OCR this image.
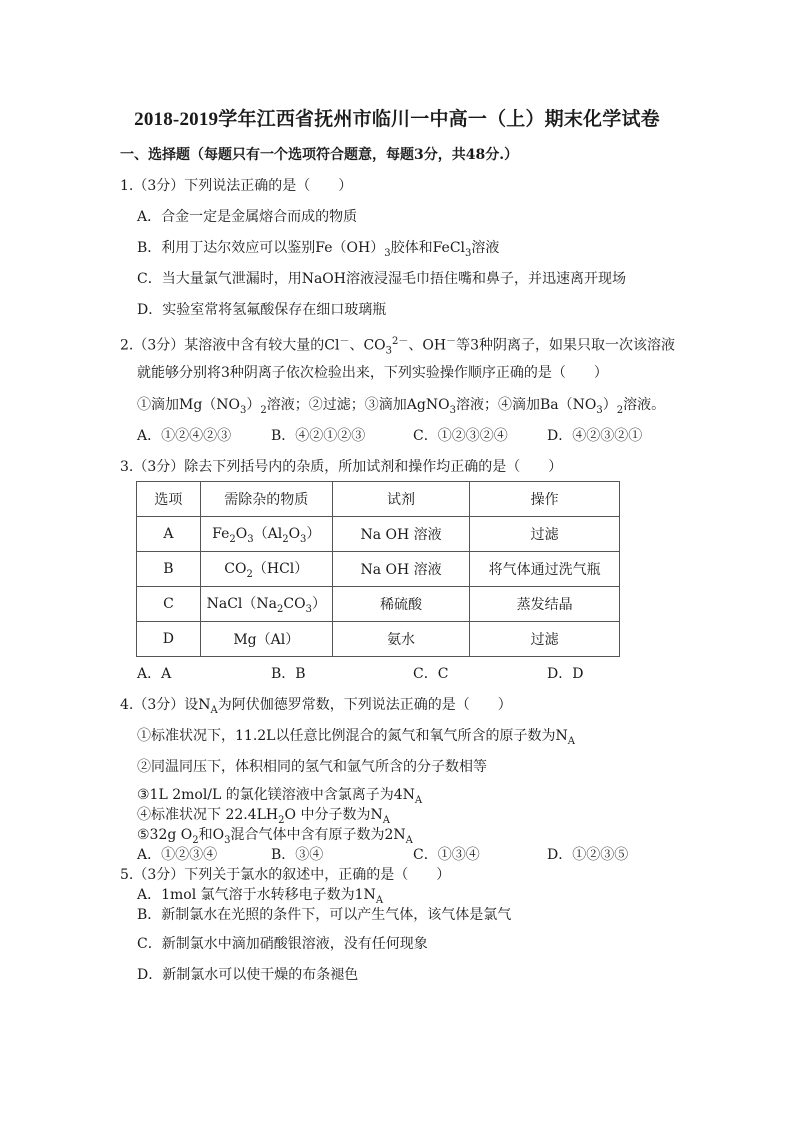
2018-2019学年江西省抚州市临川一中高一（上）期末化学试卷
一、选择题（每题只有一个选项符合题意，每题3分，共48分.）
1.（3分）下列说法正确的是（　　）
A．合金一定是金属熔合而成的物质
B．利用丁达尔效应可以鉴别$Fe(OH)_3$胶体和FeCl$_3$溶液
C．当大量氯气泄漏时，用NaOH溶液浸湿毛巾捂住嘴和鼻子，并迅速离开现场
D．实验室常将氢氟酸保存在细口玻璃瓶
2.（3分）某溶液中含有较大量的Cl－、$CO_3^{2-}$、OH－等3种阴离子，如果只取一次该溶液
就能够分别将3种阴离子依次检验出来，下列实验操作顺序正确的是（　　）
①滴加$Mg(NO_3)_2$溶液；②过滤；③滴加AgNO$_3$溶液；④滴加$Ba(NO_3)_2$溶液。
A．①②④②③	B．④②①②③	C．①②③②④	D．④②③②①
3.（3分）除去下列括号内的杂质，所加试剂和操作均正确的是（　　）
选项	需除杂的物质	试剂	操作
A	$Fe_2O_3(Al_2O_3)$	Na OH 溶液	过滤
B	$CO_2(HCl)$	Na OH 溶液	将气体通过洗气瓶
C	$NaCl(Na_2CO_3)$	稀硫酸	蒸发结晶
D	Mg（Al）	氨水	过滤
A．A	B．B	C．C	D．D
4.（3分）设$N_A$为阿伏伽德罗常数，下列说法正确的是（　　）
①标准状况下，11.2L以任意比例混合的氮气和氧气所含的原子数为$N_A$
②同温同压下，体积相同的氢气和氩气所含的分子数相等
③1L 2mol/L 的氯化镁溶液中含氯离子为$4N_A$
④标准状况下 $22.4LH_2O$ 中分子数为$N_A$
⑤32g $O_2$和$O_3$混合气体中含有原子数为$2N_A$
A．①②③④	B．③④	C．①③④	D．①②③⑤
5.（3分）下列关于氯水的叙述中，正确的是（　　）
A．1mol 氯气溶于水转移电子数为$1N_A$
B．新制氯水在光照的条件下，可以产生气体，该气体是氯气
C．新制氯水中滴加硝酸银溶液，没有任何现象
D．新制氯水可以使干燥的布条褪色
